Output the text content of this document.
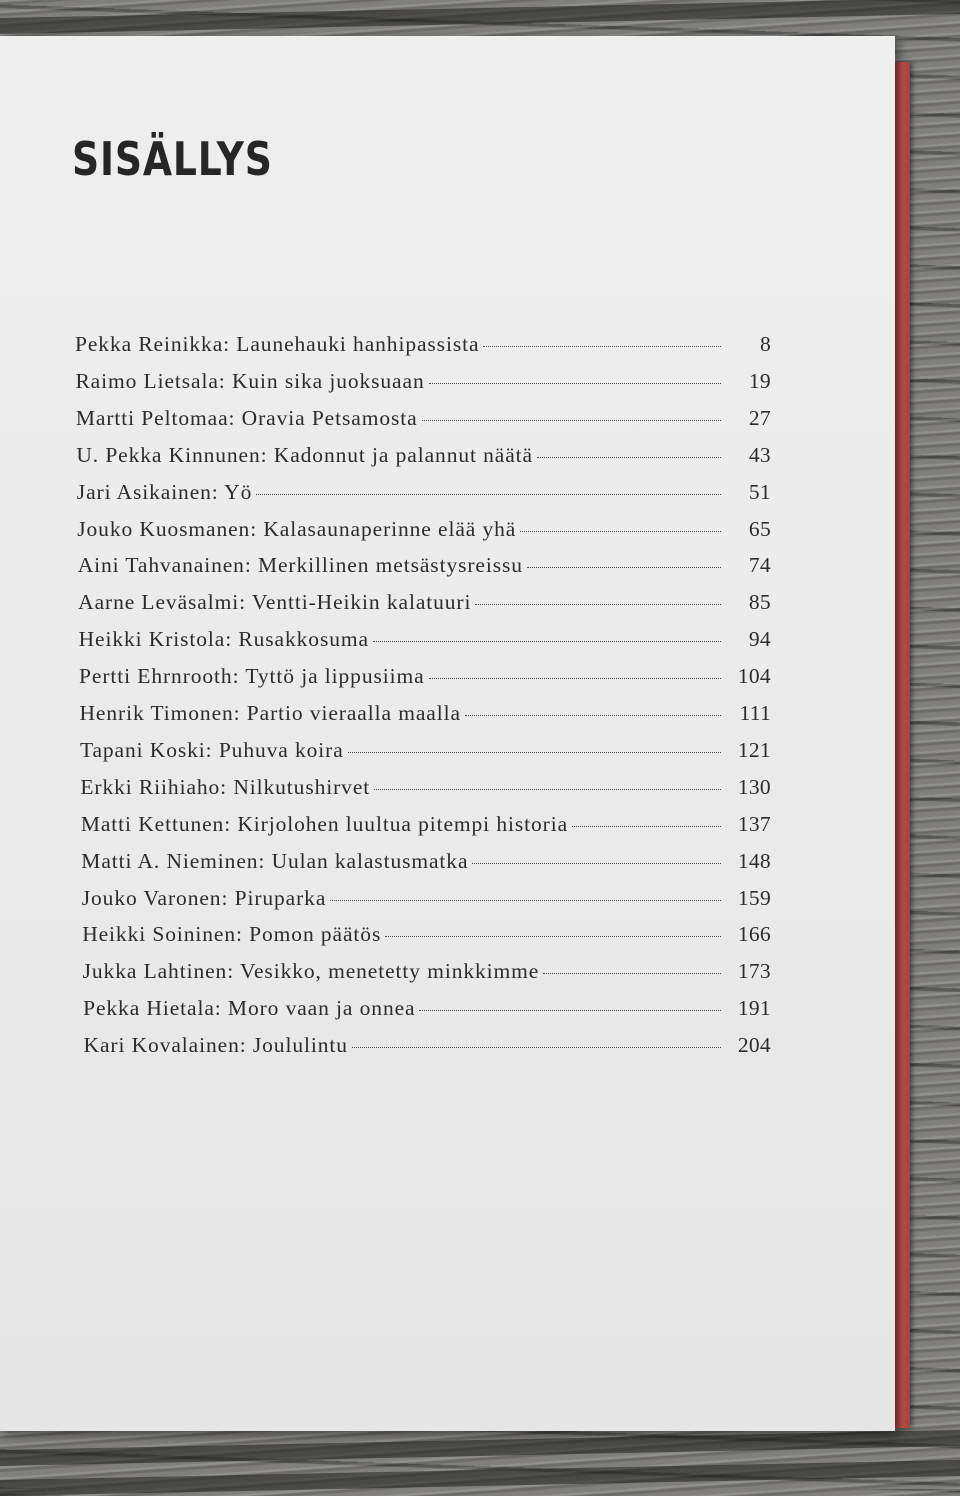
SISÄLLYS
Pekka Reinikka: Launehauki hanhipassista	8
Raimo Lietsala: Kuin sika juoksuaan	19
Martti Peltomaa: Oravia Petsamosta	27
U. Pekka Kinnunen: Kadonnut ja palannut näätä	43
Jari Asikainen: Yö	51
Jouko Kuosmanen: Kalasaunaperinne elää yhä	65
Aini Tahvanainen: Merkillinen metsästysreissu	74
Aarne Leväsalmi: Ventti-Heikin kalatuuri	85
Heikki Kristola: Rusakkosuma	94
Pertti Ehrnrooth: Tyttö ja lippusiima	104
Henrik Timonen: Partio vieraalla maalla	111
Tapani Koski: Puhuva koira	121
Erkki Riihiaho: Nilkutushirvet	130
Matti Kettunen: Kirjolohen luultua pitempi historia	137
Matti A. Nieminen: Uulan kalastusmatka	148
Jouko Varonen: Piruparka	159
Heikki Soininen: Pomon päätös	166
Jukka Lahtinen: Vesikko, menetetty minkkimme	173
Pekka Hietala: Moro vaan ja onnea	191
Kari Kovalainen: Joululintu	204
